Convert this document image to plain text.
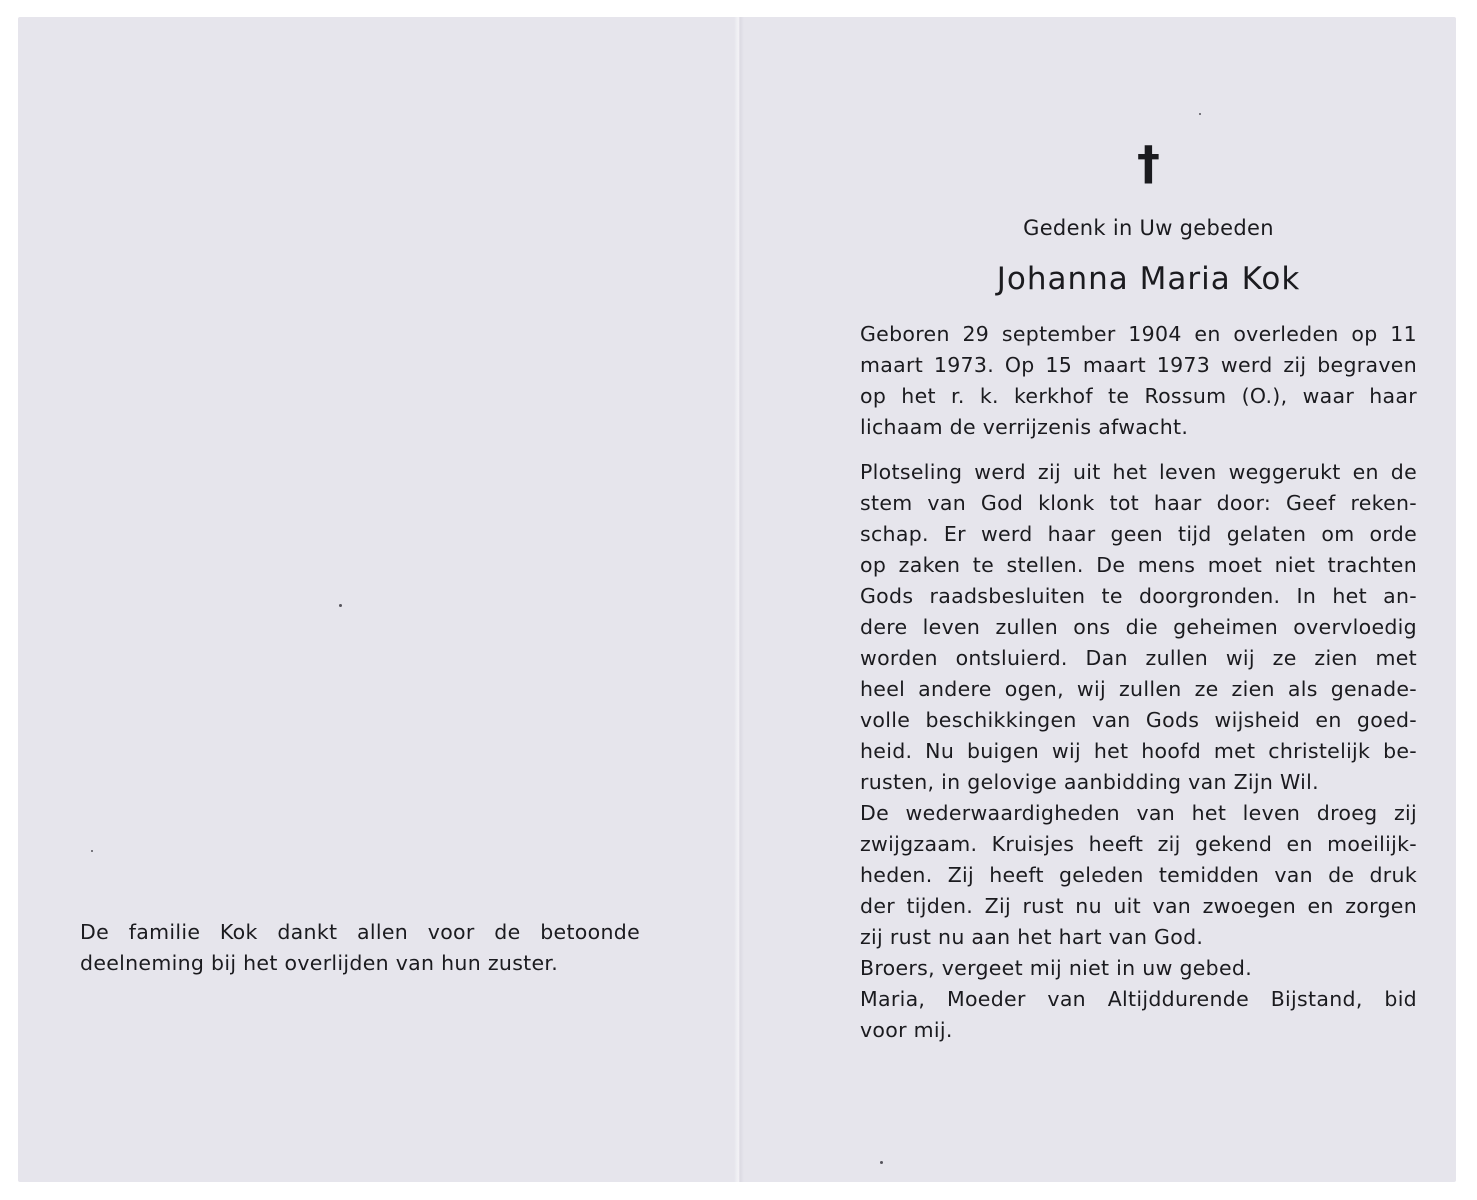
De familie Kok dankt allen voor de betoonde
deelneming bij het overlijden van hun zuster.
†
Gedenk in Uw gebeden
Johanna Maria Kok
Geboren 29 september 1904 en overleden op 11
maart 1973. Op 15 maart 1973 werd zij begraven
op het r. k. kerkhof te Rossum (O.), waar haar
lichaam de verrijzenis afwacht.
Plotseling werd zij uit het leven weggerukt en de
stem van God klonk tot haar door: Geef reken-
schap. Er werd haar geen tijd gelaten om orde
op zaken te stellen. De mens moet niet trachten
Gods raadsbesluiten te doorgronden. In het an-
dere leven zullen ons die geheimen overvloedig
worden ontsluierd. Dan zullen wij ze zien met
heel andere ogen, wij zullen ze zien als genade-
volle beschikkingen van Gods wijsheid en goed-
heid. Nu buigen wij het hoofd met christelijk be-
rusten, in gelovige aanbidding van Zijn Wil.
De wederwaardigheden van het leven droeg zij
zwijgzaam. Kruisjes heeft zij gekend en moeilijk-
heden. Zij heeft geleden temidden van de druk
der tijden. Zij rust nu uit van zwoegen en zorgen
zij rust nu aan het hart van God.
Broers, vergeet mij niet in uw gebed.
Maria, Moeder van Altijddurende Bijstand, bid
voor mij.
